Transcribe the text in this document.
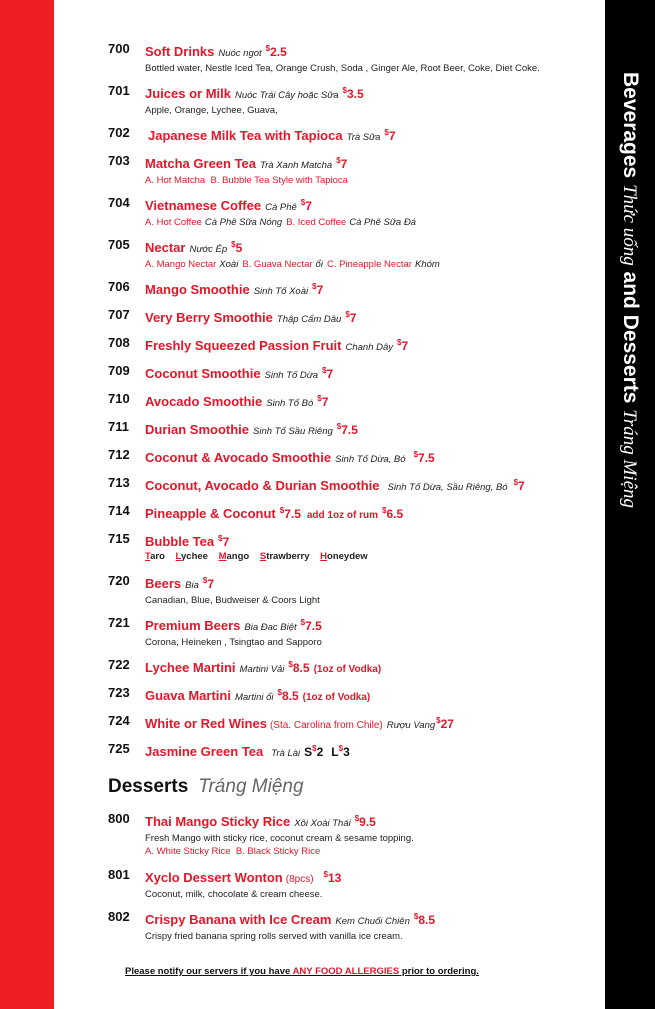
Beverages Thức uống and Desserts Tráng Miệng
700	Soft Drinks Nuóc ngot $2.5
Bottled water, Nestle Iced Tea, Orange Crush, Soda , Ginger Ale, Root Beer, Coke, Diet Coke.
701	Juices or Milk Nuóc Trái Cây hoặc Sữa $3.5
Apple, Orange, Lychee, Guava,
702	Japanese Milk Tea with Tapioca Trà Sữa $7
703	Matcha Green Tea Trà Xanh Matcha $7
A. Hot Matcha B. Bubble Tea Style with Tapioca
704	Vietnamese Coffee Cà Phê $7
A. Hot Coffee Cà Phê Sữa Nóng B. Iced Coffee Cà Phê Sữa Đá
705	Nectar Nước Ép $5
A. Mango Nectar Xoài B. Guava Nectar ổi C. Pineapple Nectar Khóm
706	Mango Smoothie Sinh Tố Xoài $7
707	Very Berry Smoothie Thập Cẩm Dâu $7
708	Freshly Squeezed Passion Fruit Chanh Dây $7
709	Coconut Smoothie Sinh Tố Dừa $7
710	Avocado Smoothie Sinh Tố Bó $7
711	Durian Smoothie Sinh Tố Sầu Riêng $7.5
712	Coconut & Avocado Smoothie Sinh Tố Dừa, Bó $7.5
713	Coconut, Avocado & Durian Smoothie Sinh Tố Dừa, Sầu Riêng, Bó $7
714	Pineapple & Coconut $7.5 add 1oz of rum $6.5
715	Bubble Tea $7
Taro Lychee Mango Strawberry Honeydew
720	Beers Bia $7
Canadian, Blue, Budweiser & Coors Light
721	Premium Beers Bia Đac Biệt $7.5
Corona, Heineken , Tsingtao and Sapporo
722	Lychee Martini Martini Vải $8.5 (1oz of Vodka)
723	Guava Martini Martini ổi $8.5 (1oz of Vodka)
724	White or Red Wines (Sta. Carolina from Chile) Rượu Vang$27
725	Jasmine Green Tea Trà Lài S$2 L$3
800	Thai Mango Sticky Rice Xôi Xoài Thái $9.5
Fresh Mango with sticky rice, coconut cream & sesame topping.
A. White Sticky Rice B. Black Sticky Rice
801	Xyclo Dessert Wonton (8pcs) $13
Coconut, milk, chocolate & cream cheese.
802	Crispy Banana with Ice Cream Kem Chuối Chiên $8.5
Crispy fried banana spring rolls served with vanilla ice cream.
Desserts Tráng Miệng
Please notify our servers if you have ANY FOOD ALLERGIES prior to ordering.
